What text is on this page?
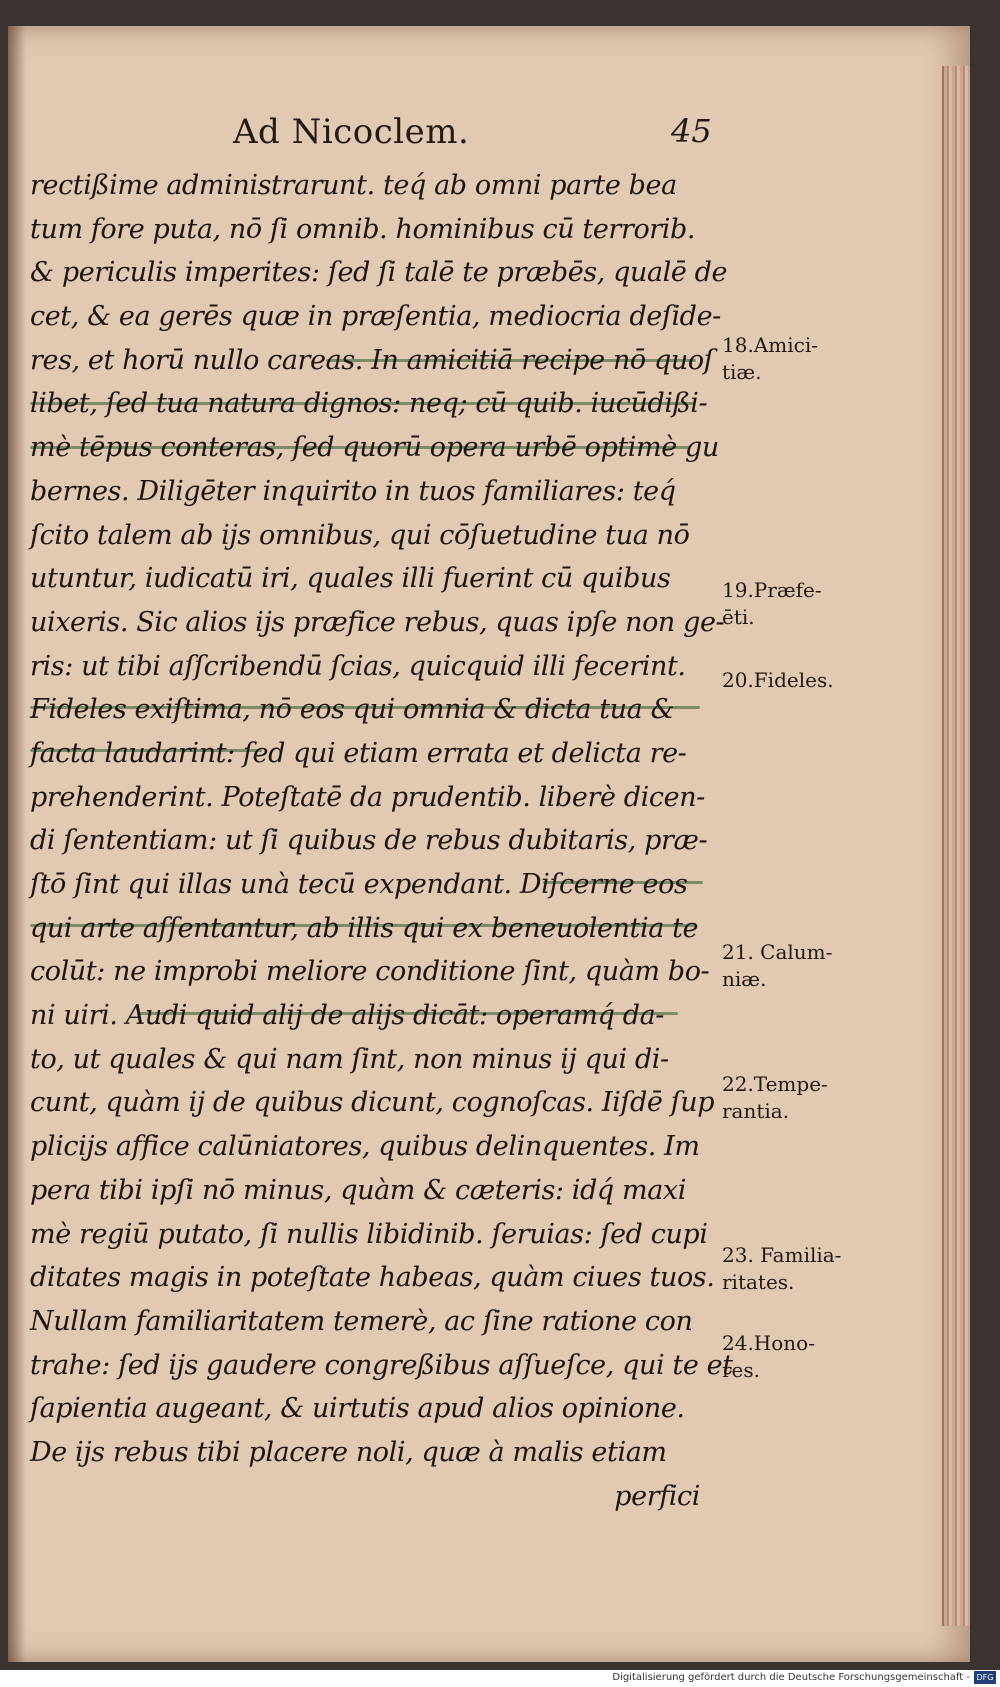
Ad Nicoclem.	45
rectißime administrarunt. teq́ ab omni parte bea
tum fore puta, nō ſi omnib. hominibus cū terrorib.
& periculis imperites: ſed ſi talē te præbēs, qualē de
cet, & ea gerēs quæ in præſentia, mediocria deſide-
res, et horū nullo careas. In amicitiā recipe nō quoſ
libet, ſed tua natura dignos: neq; cū quib. iucūdißi-
mè tēpus conteras, ſed quorū opera urbē optimè gu
bernes. Diligēter inquirito in tuos familiares: teq́
ſcito talem ab ijs omnibus, qui cōſuetudine tua nō
utuntur, iudicatū iri, quales illi fuerint cū quibus
uixeris. Sic alios ijs præfice rebus, quas ipſe non ge-
ris: ut tibi aſſcribendū ſcias, quicquid illi fecerint.
Fideles exiſtima, nō eos qui omnia & dicta tua &
facta laudarint: ſed qui etiam errata et delicta re-
prehenderint. Poteſtatē da prudentib. liberè dicen-
di ſententiam: ut ſi quibus de rebus dubitaris, præ-
ſtō ſint qui illas unà tecū expendant. Diſcerne eos
qui arte aſſentantur, ab illis qui ex beneuolentia te
colūt: ne improbi meliore conditione ſint, quàm bo-
ni uiri. Audi quid alij de alijs dicāt: operamq́ da-
to, ut quales & qui nam ſint, non minus ij qui di-
cunt, quàm ij de quibus dicunt, cognoſcas. Iiſdē ſup
plicijs affice calūniatores, quibus delinquentes. Im
pera tibi ipſi nō minus, quàm & cæteris: idq́ maxi
mè regiū putato, ſi nullis libidinib. ſeruias: ſed cupi
ditates magis in poteſtate habeas, quàm ciues tuos.
Nullam familiaritatem temerè, ac ſine ratione con
trahe: ſed ijs gaudere congreßibus aſſueſce, qui te et
ſapientia augeant, & uirtutis apud alios opinione.
De ijs rebus tibi placere noli, quæ à malis etiam
perfici
18.Amici-
tiæ.
19.Præfe-
ēti.
20.Fideles.
21. Calum-
niæ.
22.Tempe-
rantia.
23. Familia-
ritates.
24.Hono-
res.
Digitalisierung gefördert durch die Deutsche Forschungsgemeinschaft - DFG
